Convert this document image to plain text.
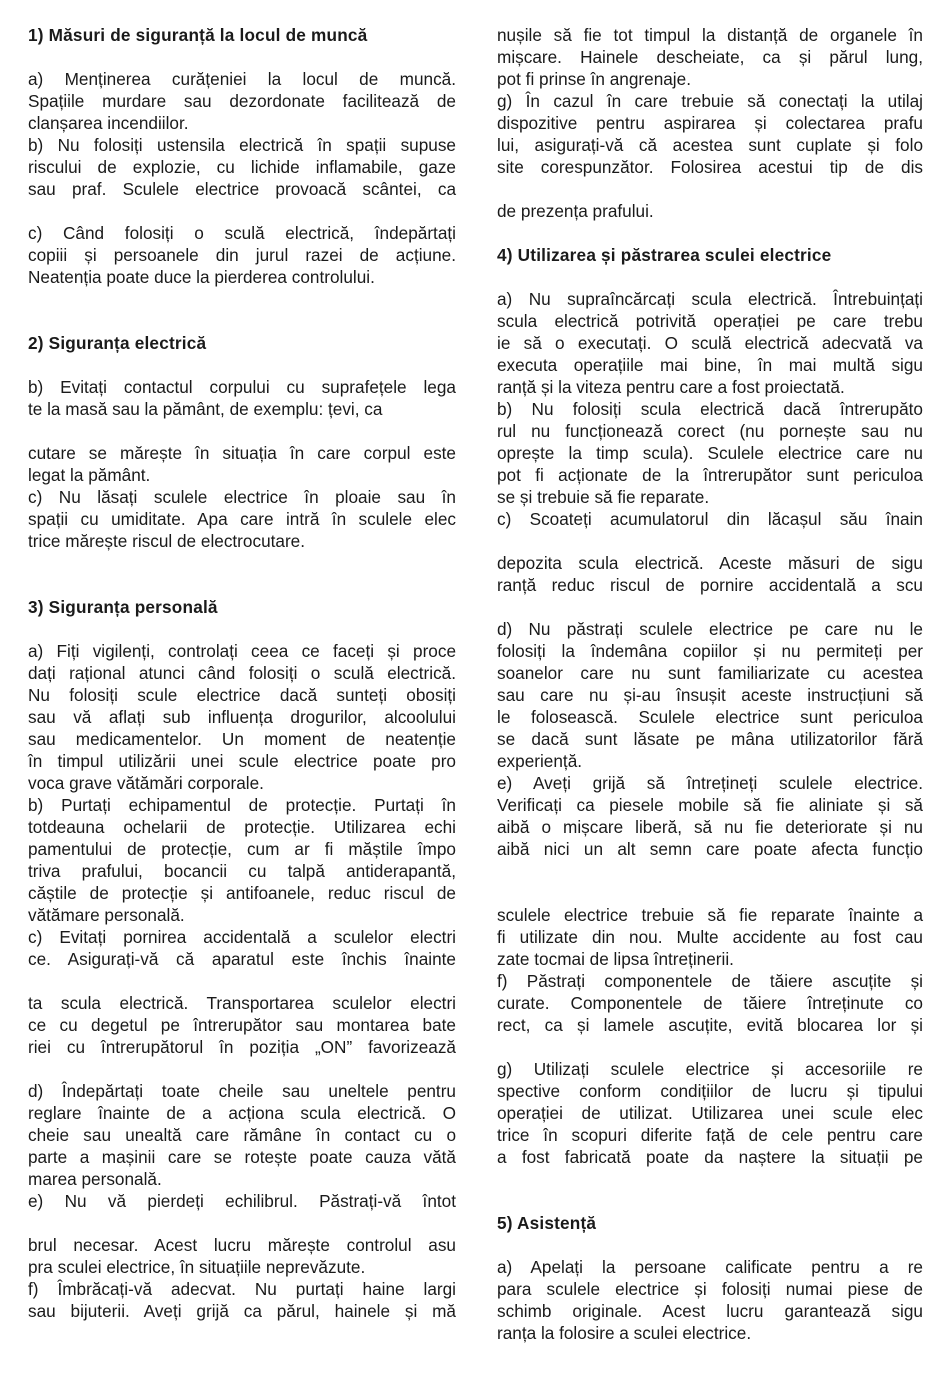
1) Măsuri de siguranță la locul de muncă
a) Menținerea curățeniei la locul de muncă.
Spațiile murdare sau dezordonate facilitează de
clanșarea incendiilor.
b) Nu folosiți ustensila electrică în spații supuse
riscului de explozie, cu lichide inflamabile, gaze
sau praf. Sculele electrice provoacă scântei, ca
c) Când folosiți o sculă electrică, îndepărtați
copiii și persoanele din jurul razei de acțiune.
Neatenția poate duce la pierderea controlului.
2) Siguranța electrică
b) Evitați contactul corpului cu suprafețele lega
te la masă sau la pământ, de exemplu: țevi, ca
cutare se mărește în situația în care corpul este
legat la pământ.
c) Nu lăsați sculele electrice în ploaie sau în
spații cu umiditate. Apa care intră în sculele elec
trice mărește riscul de electrocutare.
3) Siguranța personală
a) Fiți vigilenți, controlați ceea ce faceți și proce
dați rațional atunci când folosiți o sculă electrică.
Nu folosiți scule electrice dacă sunteți obosiți
sau vă aflați sub influența drogurilor, alcoolului
sau medicamentelor. Un moment de neatenție
în timpul utilizării unei scule electrice poate pro
voca grave vătămări corporale.
b) Purtați echipamentul de protecție. Purtați în
totdeauna ochelarii de protecție. Utilizarea echi
pamentului de protecție, cum ar fi măștile împo
triva prafului, bocancii cu talpă antiderapantă,
căștile de protecție și antifoanele, reduc riscul de
vătămare personală.
c) Evitați pornirea accidentală a sculelor electri
ce. Asigurați-vă că aparatul este închis înainte
ta scula electrică. Transportarea sculelor electri
ce cu degetul pe întrerupător sau montarea bate
riei cu întrerupătorul în poziția „ON” favorizează
d) Îndepărtați toate cheile sau uneltele pentru
reglare înainte de a acționa scula electrică. O
cheie sau unealtă care rămâne în contact cu o
parte a mașinii care se rotește poate cauza vătă
marea personală.
e) Nu vă pierdeți echilibrul. Păstrați-vă întot
brul necesar. Acest lucru mărește controlul asu
pra sculei electrice, în situațiile neprevăzute.
f) Îmbrăcați-vă adecvat. Nu purtați haine largi
sau bijuterii. Aveți grijă ca părul, hainele și mă
nușile să fie tot timpul la distanță de organele în
mișcare. Hainele descheiate, ca și părul lung,
pot fi prinse în angrenaje.
g) În cazul în care trebuie să conectați la utilaj
dispozitive pentru aspirarea și colectarea prafu
lui, asigurați-vă că acestea sunt cuplate și folo
site corespunzător. Folosirea acestui tip de dis
de prezența prafului.
4) Utilizarea și păstrarea sculei electrice
a) Nu supraîncărcați scula electrică. Întrebuințați
scula electrică potrivită operației pe care trebu
ie să o executați. O sculă electrică adecvată va
executa operațiile mai bine, în mai multă sigu
ranță și la viteza pentru care a fost proiectată.
b) Nu folosiți scula electrică dacă întrerupăto
rul nu funcționează corect (nu pornește sau nu
oprește la timp scula). Sculele electrice care nu
pot fi acționate de la întrerupător sunt periculoa
se și trebuie să fie reparate.
c) Scoateți acumulatorul din lăcașul său înain
depozita scula electrică. Aceste măsuri de sigu
ranță reduc riscul de pornire accidentală a scu
d) Nu păstrați sculele electrice pe care nu le
folosiți la îndemâna copiilor și nu permiteți per
soanelor care nu sunt familiarizate cu acestea
sau care nu și-au însușit aceste instrucțiuni să
le folosească. Sculele electrice sunt periculoa
se dacă sunt lăsate pe mâna utilizatorilor fără
experiență.
e) Aveți grijă să întrețineți sculele electrice.
Verificați ca piesele mobile să fie aliniate și să
aibă o mișcare liberă, să nu fie deteriorate și nu
aibă nici un alt semn care poate afecta funcțio
sculele electrice trebuie să fie reparate înainte a
fi utilizate din nou. Multe accidente au fost cau
zate tocmai de lipsa întreținerii.
f) Păstrați componentele de tăiere ascuțite și
curate. Componentele de tăiere întreținute co
rect, ca și lamele ascuțite, evită blocarea lor și
g) Utilizați sculele electrice și accesoriile re
spective conform condițiilor de lucru și tipului
operației de utilizat. Utilizarea unei scule elec
trice în scopuri diferite față de cele pentru care
a fost fabricată poate da naștere la situații pe
5) Asistență
a) Apelați la persoane calificate pentru a re
para sculele electrice și folosiți numai piese de
schimb originale. Acest lucru garantează sigu
ranța la folosire a sculei electrice.
